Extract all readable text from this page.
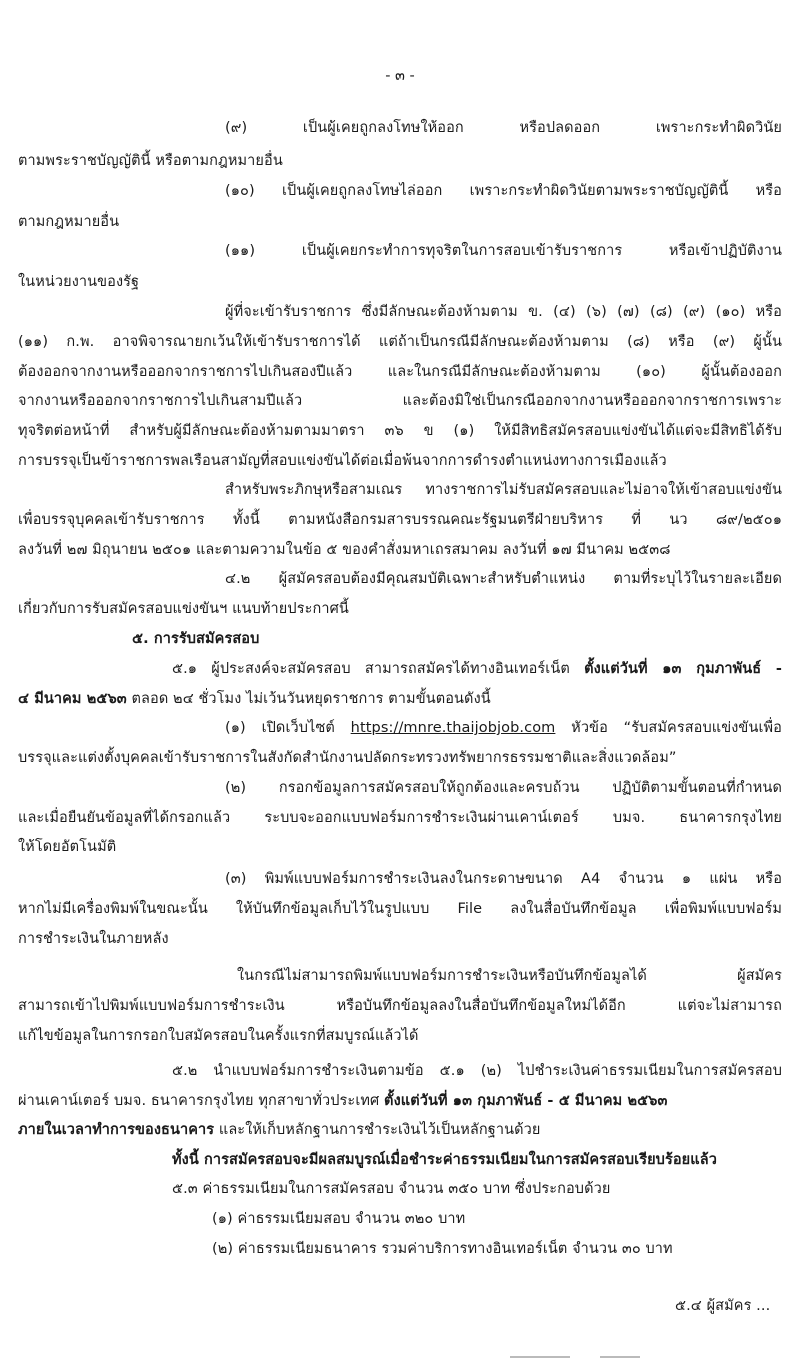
- ๓ -
(๙) เป็นผู้เคยถูกลงโทษให้ออก หรือปลดออก เพราะกระทำผิดวินัย
ตามพระราชบัญญัตินี้ หรือตามกฎหมายอื่น
(๑๐) เป็นผู้เคยถูกลงโทษไล่ออก เพราะกระทำผิดวินัยตามพระราชบัญญัตินี้ หรือ
ตามกฎหมายอื่น
(๑๑) เป็นผู้เคยกระทำการทุจริตในการสอบเข้ารับราชการ หรือเข้าปฏิบัติงาน
ในหน่วยงานของรัฐ
ผู้ที่จะเข้ารับราชการ ซึ่งมีลักษณะต้องห้ามตาม ข. (๔) (๖) (๗) (๘) (๙) (๑๐) หรือ
(๑๑) ก.พ. อาจพิจารณายกเว้นให้เข้ารับราชการได้ แต่ถ้าเป็นกรณีมีลักษณะต้องห้ามตาม (๘) หรือ (๙) ผู้นั้น
ต้องออกจากงานหรือออกจากราชการไปเกินสองปีแล้ว และในกรณีมีลักษณะต้องห้ามตาม (๑๐) ผู้นั้นต้องออก
จากงานหรือออกจากราชการไปเกินสามปีแล้ว และต้องมิใช่เป็นกรณีออกจากงานหรือออกจากราชการเพราะ
ทุจริตต่อหน้าที่ สำหรับผู้มีลักษณะต้องห้ามตามมาตรา ๓๖ ข (๑) ให้มีสิทธิสมัครสอบแข่งขันได้แต่จะมีสิทธิได้รับ
การบรรจุเป็นข้าราชการพลเรือนสามัญที่สอบแข่งขันได้ต่อเมื่อพ้นจากการดำรงตำแหน่งทางการเมืองแล้ว
สำหรับพระภิกษุหรือสามเณร ทางราชการไม่รับสมัครสอบและไม่อาจให้เข้าสอบแข่งขัน
เพื่อบรรจุบุคคลเข้ารับราชการ ทั้งนี้ ตามหนังสือกรมสารบรรณคณะรัฐมนตรีฝ่ายบริหาร ที่ นว ๘๙/๒๕๐๑
ลงวันที่ ๒๗ มิถุนายน ๒๕๐๑ และตามความในข้อ ๕ ของคำสั่งมหาเถรสมาคม ลงวันที่ ๑๗ มีนาคม ๒๕๓๘
๔.๒ ผู้สมัครสอบต้องมีคุณสมบัติเฉพาะสำหรับตำแหน่ง ตามที่ระบุไว้ในรายละเอียด
เกี่ยวกับการรับสมัครสอบแข่งขันฯ แนบท้ายประกาศนี้
๕. การรับสมัครสอบ
๕.๑ ผู้ประสงค์จะสมัครสอบ สามารถสมัครได้ทางอินเทอร์เน็ต ตั้งแต่วันที่ ๑๓ กุมภาพันธ์ -
๔ มีนาคม ๒๕๖๓ ตลอด ๒๔ ชั่วโมง ไม่เว้นวันหยุดราชการ ตามขั้นตอนดังนี้
(๑) เปิดเว็บไซต์ https://mnre.thaijobjob.com หัวข้อ “รับสมัครสอบแข่งขันเพื่อ
บรรจุและแต่งตั้งบุคคลเข้ารับราชการในสังกัดสำนักงานปลัดกระทรวงทรัพยากรธรรมชาติและสิ่งแวดล้อม”
(๒) กรอกข้อมูลการสมัครสอบให้ถูกต้องและครบถ้วน ปฏิบัติตามขั้นตอนที่กำหนด
และเมื่อยืนยันข้อมูลที่ได้กรอกแล้ว ระบบจะออกแบบฟอร์มการชำระเงินผ่านเคาน์เตอร์ บมจ. ธนาคารกรุงไทย
ให้โดยอัตโนมัติ
(๓) พิมพ์แบบฟอร์มการชำระเงินลงในกระดาษขนาด A4 จำนวน ๑ แผ่น หรือ
หากไม่มีเครื่องพิมพ์ในขณะนั้น ให้บันทึกข้อมูลเก็บไว้ในรูปแบบ File ลงในสื่อบันทึกข้อมูล เพื่อพิมพ์แบบฟอร์ม
การชำระเงินในภายหลัง
ในกรณีไม่สามารถพิมพ์แบบฟอร์มการชำระเงินหรือบันทึกข้อมูลได้ ผู้สมัคร
สามารถเข้าไปพิมพ์แบบฟอร์มการชำระเงิน หรือบันทึกข้อมูลลงในสื่อบันทึกข้อมูลใหม่ได้อีก แต่จะไม่สามารถ
แก้ไขข้อมูลในการกรอกใบสมัครสอบในครั้งแรกที่สมบูรณ์แล้วได้
๕.๒ นำแบบฟอร์มการชำระเงินตามข้อ ๕.๑ (๒) ไปชำระเงินค่าธรรมเนียมในการสมัครสอบ
ผ่านเคาน์เตอร์ บมจ. ธนาคารกรุงไทย ทุกสาขาทั่วประเทศ ตั้งแต่วันที่ ๑๓ กุมภาพันธ์ - ๕ มีนาคม ๒๕๖๓
ภายในเวลาทำการของธนาคาร และให้เก็บหลักฐานการชำระเงินไว้เป็นหลักฐานด้วย
ทั้งนี้ การสมัครสอบจะมีผลสมบูรณ์เมื่อชำระค่าธรรมเนียมในการสมัครสอบเรียบร้อยแล้ว
๕.๓ ค่าธรรมเนียมในการสมัครสอบ จำนวน ๓๕๐ บาท ซึ่งประกอบด้วย
(๑) ค่าธรรมเนียมสอบ จำนวน ๓๒๐ บาท
(๒) ค่าธรรมเนียมธนาคาร รวมค่าบริการทางอินเทอร์เน็ต จำนวน ๓๐ บาท
๕.๔ ผู้สมัคร ...
